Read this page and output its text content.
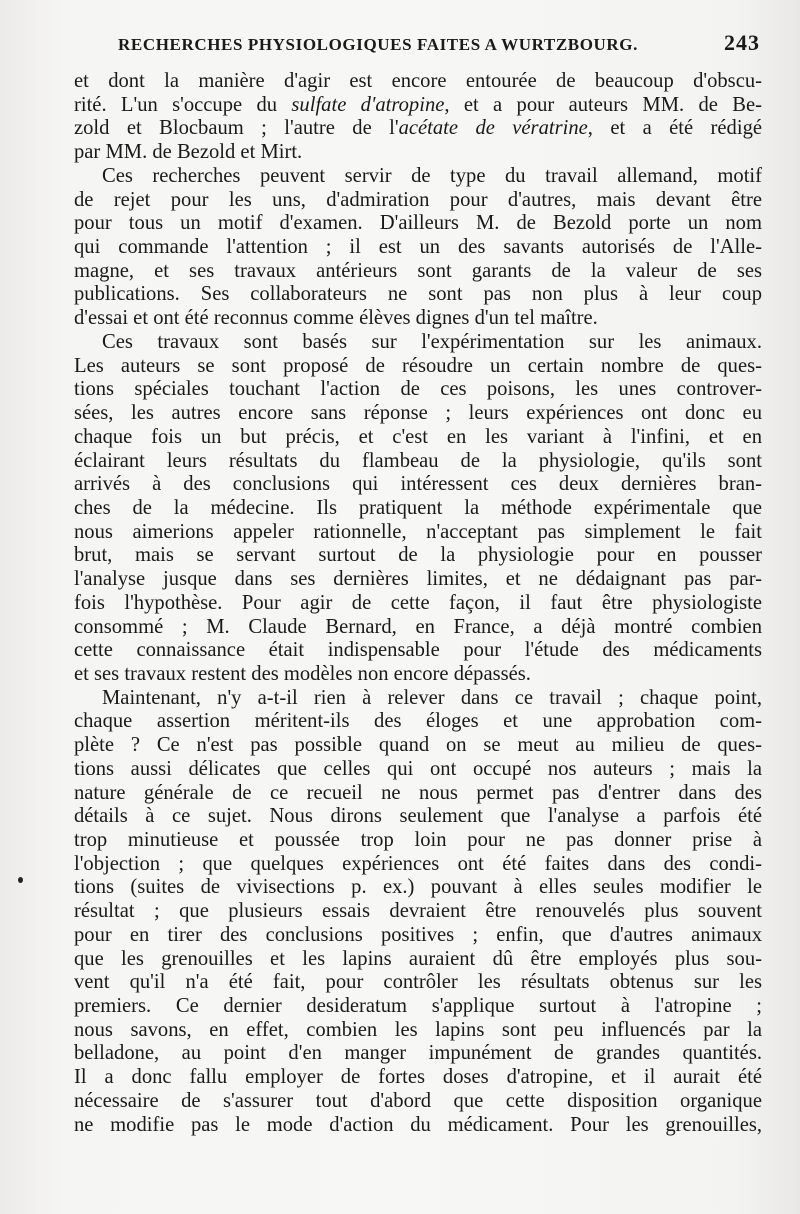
RECHERCHES PHYSIOLOGIQUES FAITES A WURTZBOURG.	243
et dont la manière d'agir est encore entourée de beaucoup d'obscu-
rité. L'un s'occupe du sulfate d'atropine, et a pour auteurs MM. de Be-
zold et Blocbaum ; l'autre de l'acétate de vératrine, et a été rédigé
par MM. de Bezold et Mirt.
Ces recherches peuvent servir de type du travail allemand, motif
de rejet pour les uns, d'admiration pour d'autres, mais devant être
pour tous un motif d'examen. D'ailleurs M. de Bezold porte un nom
qui commande l'attention ; il est un des savants autorisés de l'Alle-
magne, et ses travaux antérieurs sont garants de la valeur de ses
publications. Ses collaborateurs ne sont pas non plus à leur coup
d'essai et ont été reconnus comme élèves dignes d'un tel maître.
Ces travaux sont basés sur l'expérimentation sur les animaux.
Les auteurs se sont proposé de résoudre un certain nombre de ques-
tions spéciales touchant l'action de ces poisons, les unes controver-
sées, les autres encore sans réponse ; leurs expériences ont donc eu
chaque fois un but précis, et c'est en les variant à l'infini, et en
éclairant leurs résultats du flambeau de la physiologie, qu'ils sont
arrivés à des conclusions qui intéressent ces deux dernières bran-
ches de la médecine. Ils pratiquent la méthode expérimentale que
nous aimerions appeler rationnelle, n'acceptant pas simplement le fait
brut, mais se servant surtout de la physiologie pour en pousser
l'analyse jusque dans ses dernières limites, et ne dédaignant pas par-
fois l'hypothèse. Pour agir de cette façon, il faut être physiologiste
consommé ; M. Claude Bernard, en France, a déjà montré combien
cette connaissance était indispensable pour l'étude des médicaments
et ses travaux restent des modèles non encore dépassés.
Maintenant, n'y a-t-il rien à relever dans ce travail ; chaque point,
chaque assertion méritent-ils des éloges et une approbation com-
plète ? Ce n'est pas possible quand on se meut au milieu de ques-
tions aussi délicates que celles qui ont occupé nos auteurs ; mais la
nature générale de ce recueil ne nous permet pas d'entrer dans des
détails à ce sujet. Nous dirons seulement que l'analyse a parfois été
trop minutieuse et poussée trop loin pour ne pas donner prise à
l'objection ; que quelques expériences ont été faites dans des condi-
tions (suites de vivisections p. ex.) pouvant à elles seules modifier le
résultat ; que plusieurs essais devraient être renouvelés plus souvent
pour en tirer des conclusions positives ; enfin, que d'autres animaux
que les grenouilles et les lapins auraient dû être employés plus sou-
vent qu'il n'a été fait, pour contrôler les résultats obtenus sur les
premiers. Ce dernier desideratum s'applique surtout à l'atropine ;
nous savons, en effet, combien les lapins sont peu influencés par la
belladone, au point d'en manger impunément de grandes quantités.
Il a donc fallu employer de fortes doses d'atropine, et il aurait été
nécessaire de s'assurer tout d'abord que cette disposition organique
ne modifie pas le mode d'action du médicament. Pour les grenouilles,
